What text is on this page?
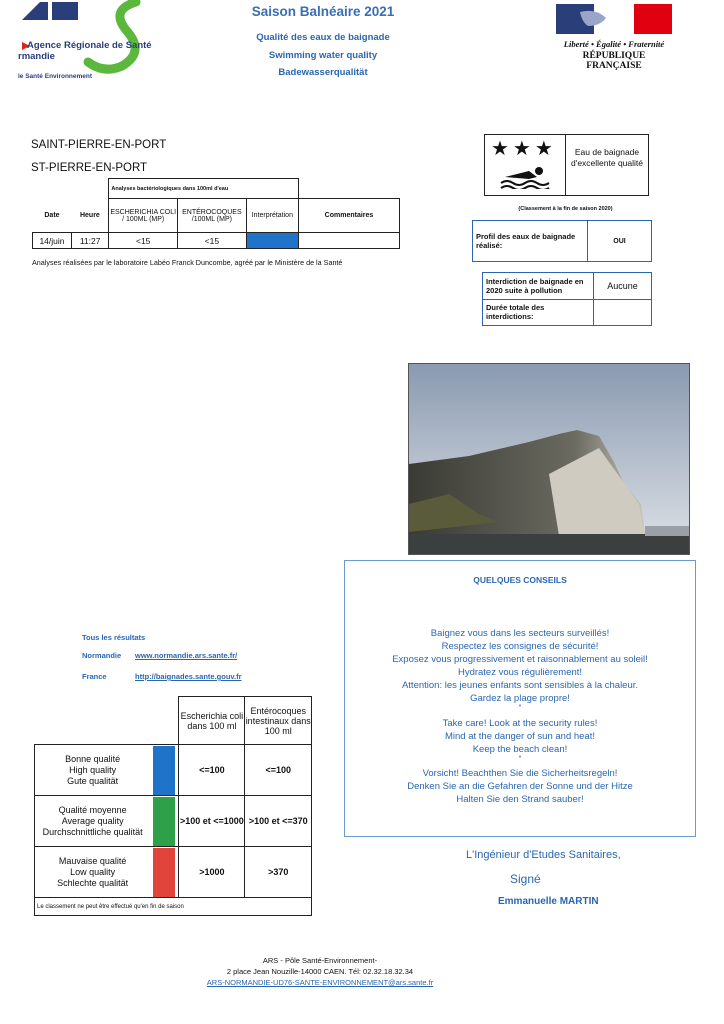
Agence Régionale de Santé
rmandie
le Santé Environnement
Saison Balnéaire 2021
Qualité des eaux de baignade
Swimming water quality
Badewasserqualität
Liberté • Égalité • Fraternité
RÉPUBLIQUE FRANÇAISE
SAINT-PIERRE-EN-PORT
ST-PIERRE-EN-PORT
		Analyses bactériologiques dans 100ml d'eau			
Date	Heure	ESCHERICHIA COLI / 100ML (MP)	ENTÉROCOQUES /100ML (MP)	Interprétation	Commentaires
14/juin	11:27	<15	<15	

Analyses réalisées par le laboratoire Labéo Franck Duncombe, agréé par le Ministère de la Santé
★★★	Eau de baignade d'excellente qualité
(Classement à la fin de saison 2020)
Profil des eaux de baignade réalisé:	OUI
Interdiction de baignade en 2020 suite à pollution	Aucune
Durée totale des interdictions:	
QUELQUES CONSEILS
Baignez vous dans les secteurs surveillés!
Respectez les consignes de sécurité!
Exposez vous progressivement et raisonnablement au soleil!
Hydratez vous régulièrement!
Attention: les jeunes enfants sont sensibles à la chaleur.
Gardez la plage propre!
*
Take care! Look at the security rules!
Mind at the danger of sun and heat!
Keep the beach clean!
*
Vorsicht! Beachthen Sie die Sicherheitsregeln!
Denken Sie an die Gefahren der Sonne und der Hitze
Halten Sie den Strand sauber!
Tous les résultats
Normandie www.normandie.ars.sante.fr/
France	http://baignades.sante.gouv.fr
		Escherichia coli dans 100 ml	Entérocoques intestinaux dans 100 ml
Bonne qualité
High quality
Gute qualität		<=100	<=100
Qualité moyenne
Average quality
Durchschnittliche qualität		>100 et <=1000	>100 et <=370
Mauvaise qualité
Low quality
Schlechte qualität		>1000	>370
Le classement ne peut être effectué qu'en fin de saison			
L'Ingénieur d'Etudes Sanitaires,
Signé
Emmanuelle MARTIN
ARS - Pôle Santé-Environnement-
2 place Jean Nouzille-14000 CAEN. Tél: 02.32.18.32.34
ARS-NORMANDIE-UD76-SANTE-ENVIRONNEMENT@ars.sante.fr
